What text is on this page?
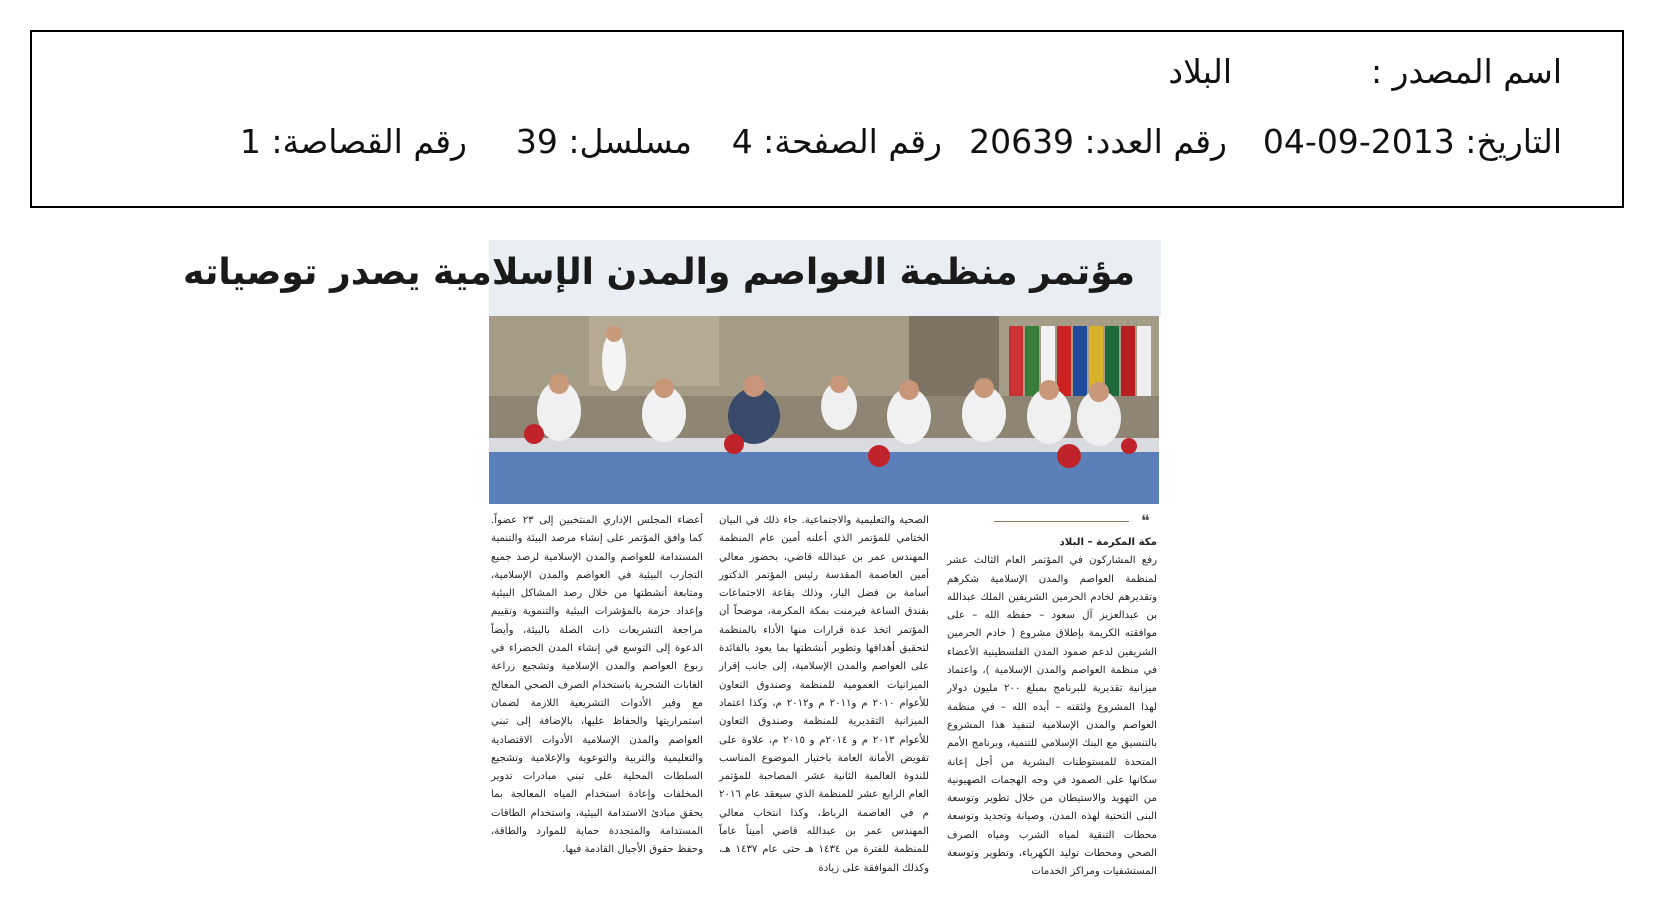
اسم المصدر :
البلاد
التاريخ: 2013-09-04
رقم العدد: 20639
رقم الصفحة: 4
مسلسل: 39
رقم القصاصة: 1
مؤتمر منظمة العواصم والمدن الإسلامية يصدر توصياته
❝

مكة المكرمة – البلاد

رفع المشاركون في المؤتمر العام الثالث عشر لمنظمة العواصم والمدن الإسلامية شكرهم وتقديرهم لخادم الحرمين الشريفين الملك عبدالله بن عبدالعزيز آل سعود – حفظه الله – على موافقته الكريمة بإطلاق مشروع ( خادم الحرمين الشريفين لدعم صمود المدن الفلسطينية الأعضاء في منظمة العواصم والمدن الإسلامية )، واعتماد ميزانية تقديرية للبرنامج بمبلغ ٢٠٠ مليون دولار لهذا المشروع ولثقته – أيده الله – في منظمة العواصم والمدن الإسلامية لتنفيذ هذا المشروع بالتنسيق مع البنك الإسلامي للتنمية، وبرنامج الأمم المتحدة للمستوطنات البشرية من أجل إعانة سكانها على الصمود في وجه الهجمات الصهيونية من التهويد والاستيطان من خلال تطوير وتوسعة البنى التحتية لهذه المدن، وصيانة وتجديد وتوسعة محطات التنقية لمياه الشرب ومياه الصرف الصحي ومحطات توليد الكهرباء، وتطوير وتوسعة المستشفيات ومراكز الخدمات

الصحية والتعليمية والاجتماعية. جاء ذلك في البيان الختامي للمؤتمر الذي أعلنه أمين عام المنظمة المهندس عمر بن عبدالله قاضي، بحضور معالي أمين العاصمة المقدسة رئيس المؤتمر الدكتور أسامة بن فضل البار، وذلك بقاعة الاجتماعات بفندق الساعة فيرمنت بمكة المكرمة، موضحاً أن المؤتمر اتخذ عدة قرارات منها الأداء بالمنظمة لتحقيق أهدافها وتطوير أنشطتها بما يعود بالفائدة على العواصم والمدن الإسلامية، إلى جانب إقرار الميزانيات العمومية للمنظمة وصندوق التعاون للأعوام ٢٠١٠ م و٢٠١١ م و٢٠١٢ م، وكذا اعتماد الميزانية التقديرية للمنظمة وصندوق التعاون للأعوام ٢٠١٣ م و ٢٠١٤م و ٢٠١٥ م، علاوة على تفويض الأمانة العامة باختيار الموضوع المناسب للندوة العالمية الثانية عشر المصاحبة للمؤتمر العام الرابع عشر للمنظمة الذي سيعقد عام ٢٠١٦ م في العاصمة الرباط، وكذا انتخاب معالي المهندس عمر بن عبدالله قاضي أميناً عاماً للمنظمة للفترة من ١٤٣٤ هـ حتى عام ١٤٣٧ هـ، وكذلك الموافقة على زيادة

أعضاء المجلس الإداري المنتخبين إلى ٢٣ عضواً. كما وافق المؤتمر على إنشاء مرصد البيئة والتنمية المستدامة للعواصم والمدن الإسلامية لرصد جميع التجارب البيئية في العواصم والمدن الإسلامية، ومتابعة أنشطتها من خلال رصد المشاكل البيئية وإعداد حزمة بالمؤشرات البيئية والتنموية وتقييم مراجعة التشريعات ذات الصلة بالبيئة، وأيضاً الدعوة إلى التوسع في إنشاء المدن الخضراء في ربوع العواصم والمدن الإسلامية وتشجيع زراعة الغابات الشجرية باستخدام الصرف الصحي المعالج مع وفير الأدوات التشريعية اللازمة لضمان استمراريتها والحفاظ عليها، بالإضافة إلى تبني العواصم والمدن الإسلامية الأدوات الاقتصادية والتعليمية والتربية والتوعوية والإعلامية وتشجيع السلطات المحلية على تبني مبادرات تدوير المخلفات وإعادة استخدام المياه المعالجة بما يحقق مبادئ الاستدامة البيئية، واستخدام الطاقات المستدامة والمتجددة حماية للموارد والطاقة، وحفظ حقوق الأجيال القادمة فيها.
